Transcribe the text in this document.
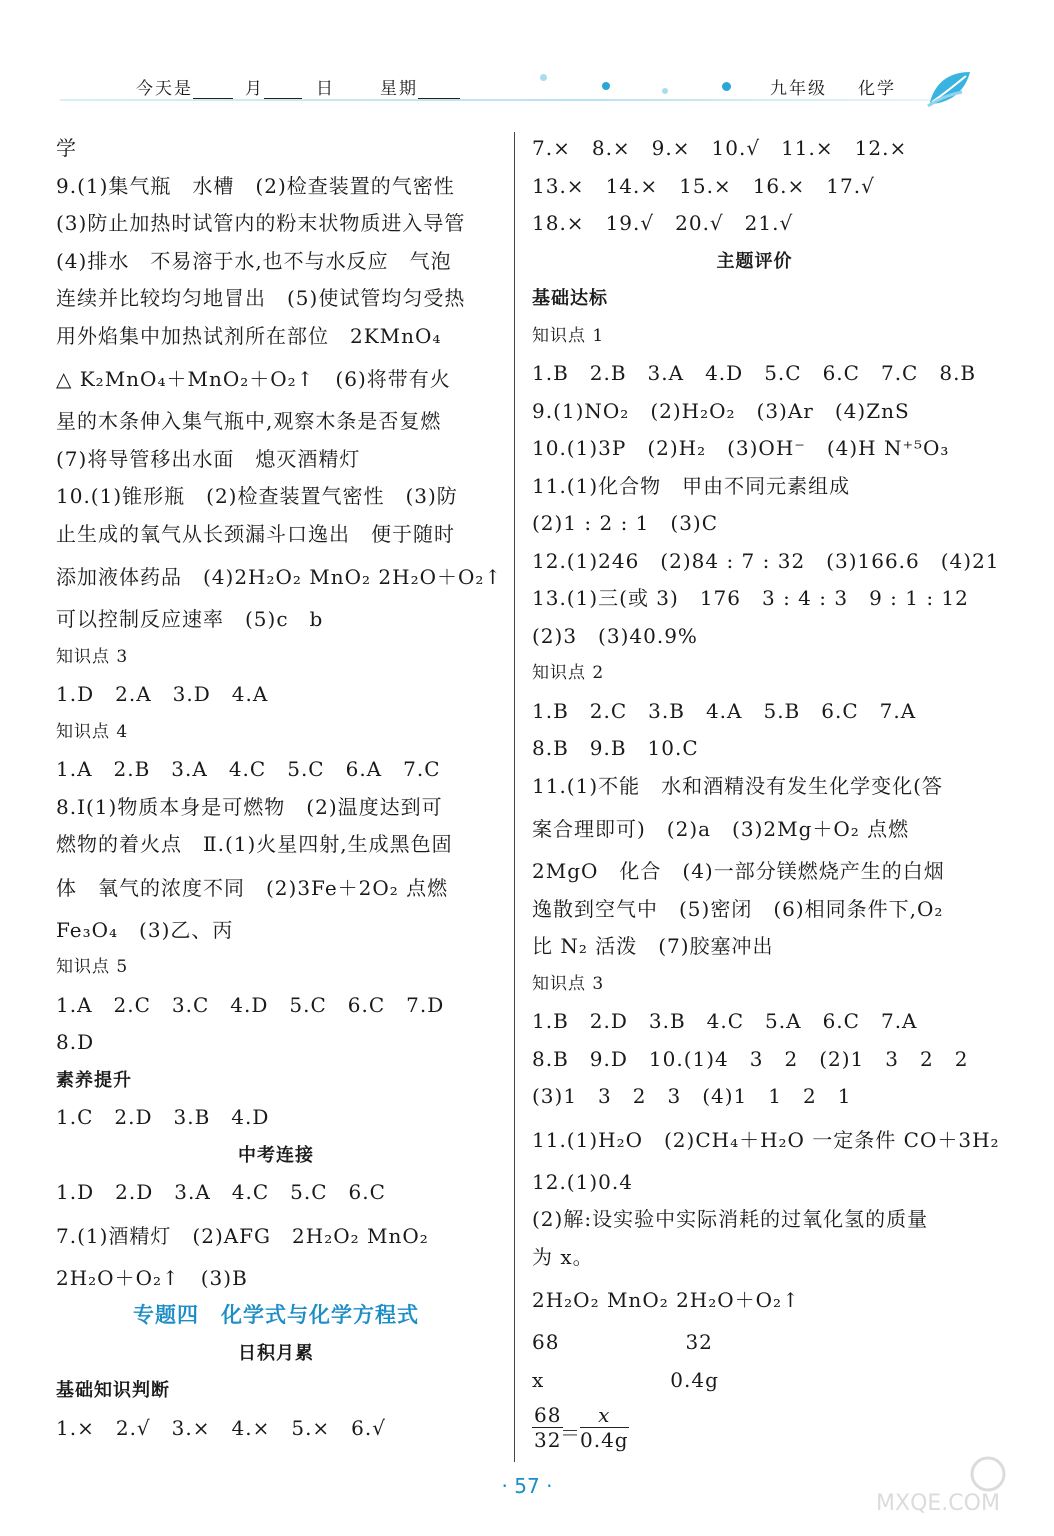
今天是	月	日	星期	九年级 化学
学
9.(1)集气瓶　水槽　(2)检查装置的气密性
(3)防止加热时试管内的粉末状物质进入导管
(4)排水　不易溶于水,也不与水反应　气泡
连续并比较均匀地冒出　(5)使试管均匀受热
用外焰集中加热试剂所在部位　2KMnO₄
△ K₂MnO₄＋MnO₂＋O₂↑　(6)将带有火
星的木条伸入集气瓶中,观察木条是否复燃
(7)将导管移出水面　熄灭酒精灯
10.(1)锥形瓶　(2)检查装置气密性　(3)防
止生成的氧气从长颈漏斗口逸出　便于随时
添加液体药品　(4)2H₂O₂ MnO₂ 2H₂O＋O₂↑
可以控制反应速率　(5)c　b
知识点 3
1.D　2.A　3.D　4.A
知识点 4
1.A　2.B　3.A　4.C　5.C　6.A　7.C
8.Ⅰ(1)物质本身是可燃物　(2)温度达到可
燃物的着火点　Ⅱ.(1)火星四射,生成黑色固
体　氧气的浓度不同　(2)3Fe＋2O₂ 点燃
Fe₃O₄　(3)乙、丙
知识点 5
1.A　2.C　3.C　4.D　5.C　6.C　7.D
8.D
素养提升
1.C　2.D　3.B　4.D
中考连接
1.D　2.D　3.A　4.C　5.C　6.C
7.(1)酒精灯　(2)AFG　2H₂O₂ MnO₂
2H₂O＋O₂↑　(3)B
专题四　化学式与化学方程式
日积月累
基础知识判断
1.×　2.√　3.×　4.×　5.×　6.√
7.×　8.×　9.×　10.√　11.×　12.×
13.×　14.×　15.×　16.×　17.√
18.×　19.√　20.√　21.√
主题评价
基础达标
知识点 1
1.B　2.B　3.A　4.D　5.C　6.C　7.C　8.B
9.(1)NO₂　(2)H₂O₂　(3)Ar　(4)ZnS
10.(1)3P　(2)H₂　(3)OH⁻　(4)H N⁺⁵O₃
11.(1)化合物　甲由不同元素组成
(2)1 : 2 : 1　(3)C
12.(1)246　(2)84 : 7 : 32　(3)166.6　(4)21
13.(1)三(或 3)　176　3 : 4 : 3　9 : 1 : 12
(2)3　(3)40.9%
知识点 2
1.B　2.C　3.B　4.A　5.B　6.C　7.A
8.B　9.B　10.C
11.(1)不能　水和酒精没有发生化学变化(答
案合理即可)　(2)a　(3)2Mg＋O₂ 点燃
2MgO　化合　(4)一部分镁燃烧产生的白烟
逸散到空气中　(5)密闭　(6)相同条件下,O₂
比 N₂ 活泼　(7)胶塞冲出
知识点 3
1.B　2.D　3.B　4.C　5.A　6.C　7.A
8.B　9.D　10.(1)4　3　2　(2)1　3　2　2
(3)1　3　2　3　(4)1　1　2　1
11.(1)H₂O　(2)CH₄＋H₂O 一定条件 CO＋3H₂
12.(1)0.4
(2)解:设实验中实际消耗的过氧化氢的质量
为 x。
2H₂O₂ MnO₂ 2H₂O＋O₂↑
68　　　　　　32
x　　　　　　0.4g
$\frac{68}{32}$
＝ $\frac{x}{0.4g}$
· 57 ·
MXQE.COM
